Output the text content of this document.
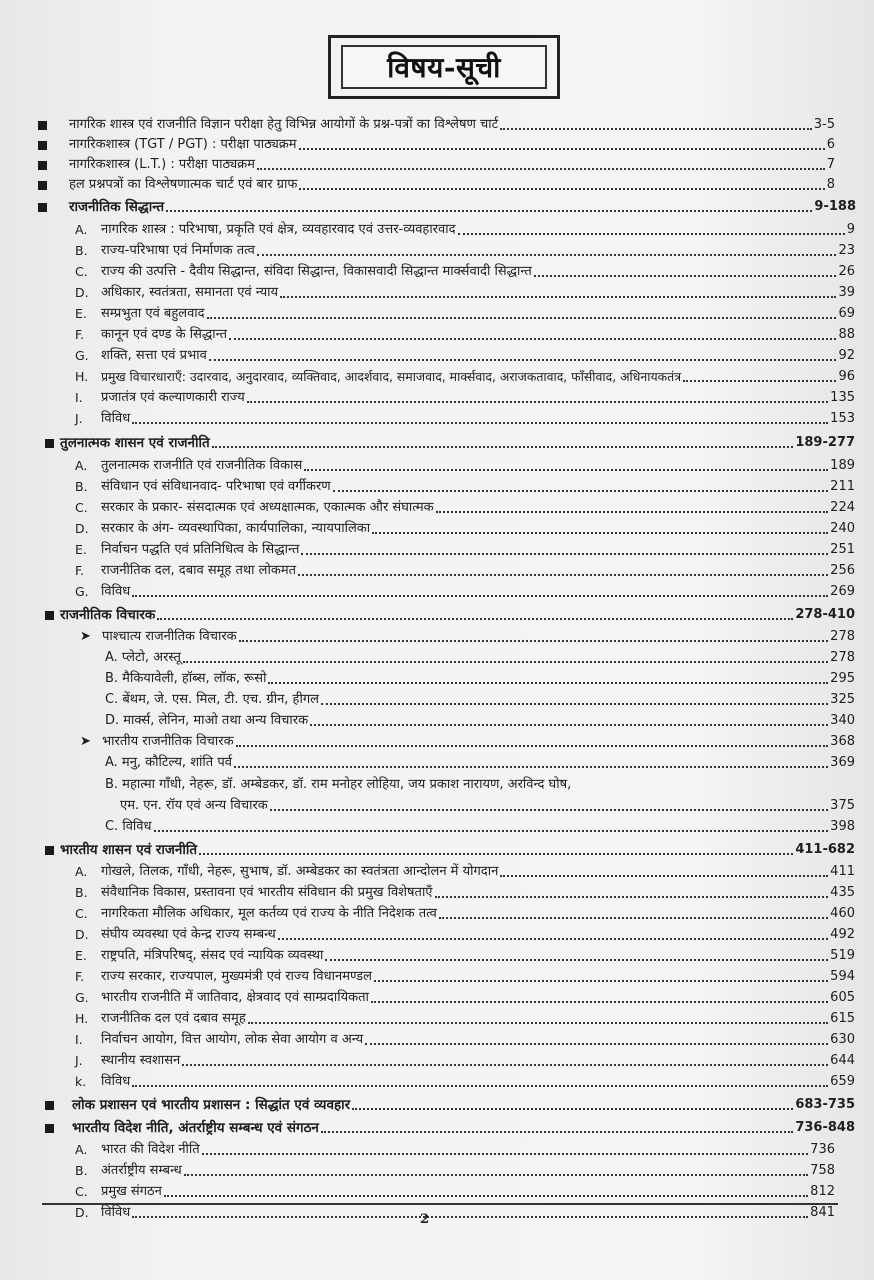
विषय-सूची
नागरिक शास्त्र एवं राजनीति विज्ञान परीक्षा हेतु विभिन्न आयोगों के प्रश्न-पत्रों का विश्लेषण चार्ट	3-5
नागरिकशास्त्र (TGT / PGT) : परीक्षा पाठ्यक्रम	6
नागरिकशास्त्र (L.T.) : परीक्षा पाठ्यक्रम	7
हल प्रश्नपत्रों का विश्लेषणात्मक चार्ट एवं बार ग्राफ	8
राजनीतिक सिद्धान्त	9-188
A.	नागरिक शास्त्र : परिभाषा, प्रकृति एवं क्षेत्र, व्यवहारवाद एवं उत्तर-व्यवहारवाद	9
B.	राज्य-परिभाषा एवं निर्माणक तत्व	23
C.	राज्य की उत्पत्ति - दैवीय सिद्धान्त, संविदा सिद्धान्त, विकासवादी सिद्धान्त मार्क्सवादी सिद्धान्त	26
D. अधिकार, स्वतंत्रता, समानता एवं न्याय	39
E.	सम्प्रभुता एवं बहुलवाद	69
F.	कानून एवं दण्ड के सिद्धान्त	88
G. शक्ति, सत्ता एवं प्रभाव	92
H.	प्रमुख विचारधाराएँ: उदारवाद, अनुदारवाद, व्यक्तिवाद, आदर्शवाद, समाजवाद, मार्क्सवाद, अराजकतावाद, फाँसीवाद, अधिनायकतंत्र	96
I.	प्रजातंत्र एवं कल्याणकारी राज्य	135
J.	विविध	153
तुलनात्मक शासन एवं राजनीति	189-277
A.	तुलनात्मक राजनीति एवं राजनीतिक विकास	189
B.	संविधान एवं संविधानवाद- परिभाषा एवं वर्गीकरण	211
C.	सरकार के प्रकार- संसदात्मक एवं अध्यक्षात्मक, एकात्मक और संघात्मक	224
D. सरकार के अंग- व्यवस्थापिका, कार्यपालिका, न्यायपालिका	240
E.	निर्वाचन पद्धति एवं प्रतिनिधित्व के सिद्धान्त	251
F.	राजनीतिक दल, दबाव समूह तथा लोकमत	256
G. विविध	269
राजनीतिक विचारक	278-410
➤ पाश्चात्य राजनीतिक विचारक	278
A. प्लेटो, अरस्तू	278
B. मैकियावेली, हॉब्स, लॉक, रूसो	295
C. बेंथम, जे. एस. मिल, टी. एच. ग्रीन, हीगल	325
D. मार्क्स, लेनिन, माओ तथा अन्य विचारक	340
➤ भारतीय राजनीतिक विचारक	368
A. मनु, कौटिल्य, शांति पर्व	369
B. महात्मा गाँधी, नेहरू, डॉ. अम्बेडकर, डॉ. राम मनोहर लोहिया, जय प्रकाश नारायण, अरविन्द घोष,
एम. एन. रॉय एवं अन्य विचारक	375
C. विविध	398
भारतीय शासन एवं राजनीति	411-682
A.	गोखले, तिलक, गाँधी, नेहरू, सुभाष, डॉ. अम्बेडकर का स्वतंत्रता आन्दोलन में योगदान	411
B.	संवैधानिक विकास, प्रस्तावना एवं भारतीय संविधान की प्रमुख विशेषताएँ	435
C.	नागरिकता मौलिक अधिकार, मूल कर्तव्य एवं राज्य के नीति निदेशक तत्व	460
D. संघीय व्यवस्था एवं केन्द्र राज्य सम्बन्ध	492
E.	राष्ट्रपति, मंत्रिपरिषद्, संसद एवं न्यायिक व्यवस्था	519
F.	राज्य सरकार, राज्यपाल, मुख्यमंत्री एवं राज्य विधानमण्डल	594
G. भारतीय राजनीति में जातिवाद, क्षेत्रवाद एवं साम्प्रदायिकता	605
H. राजनीतिक दल एवं दबाव समूह	615
I.	निर्वाचन आयोग, वित्त आयोग, लोक सेवा आयोग व अन्य	630
J.	स्थानीय स्वशासन	644
k.	विविध	659
लोक प्रशासन एवं भारतीय प्रशासन : सिद्धांत एवं व्यवहार	683-735
भारतीय विदेश नीति, अंतर्राष्ट्रीय सम्बन्ध एवं संगठन	736-848
A.	भारत की विदेश नीति	736
B.	अंतर्राष्ट्रीय सम्बन्ध	758
C.	प्रमुख संगठन	812
D. विविध	841
2
